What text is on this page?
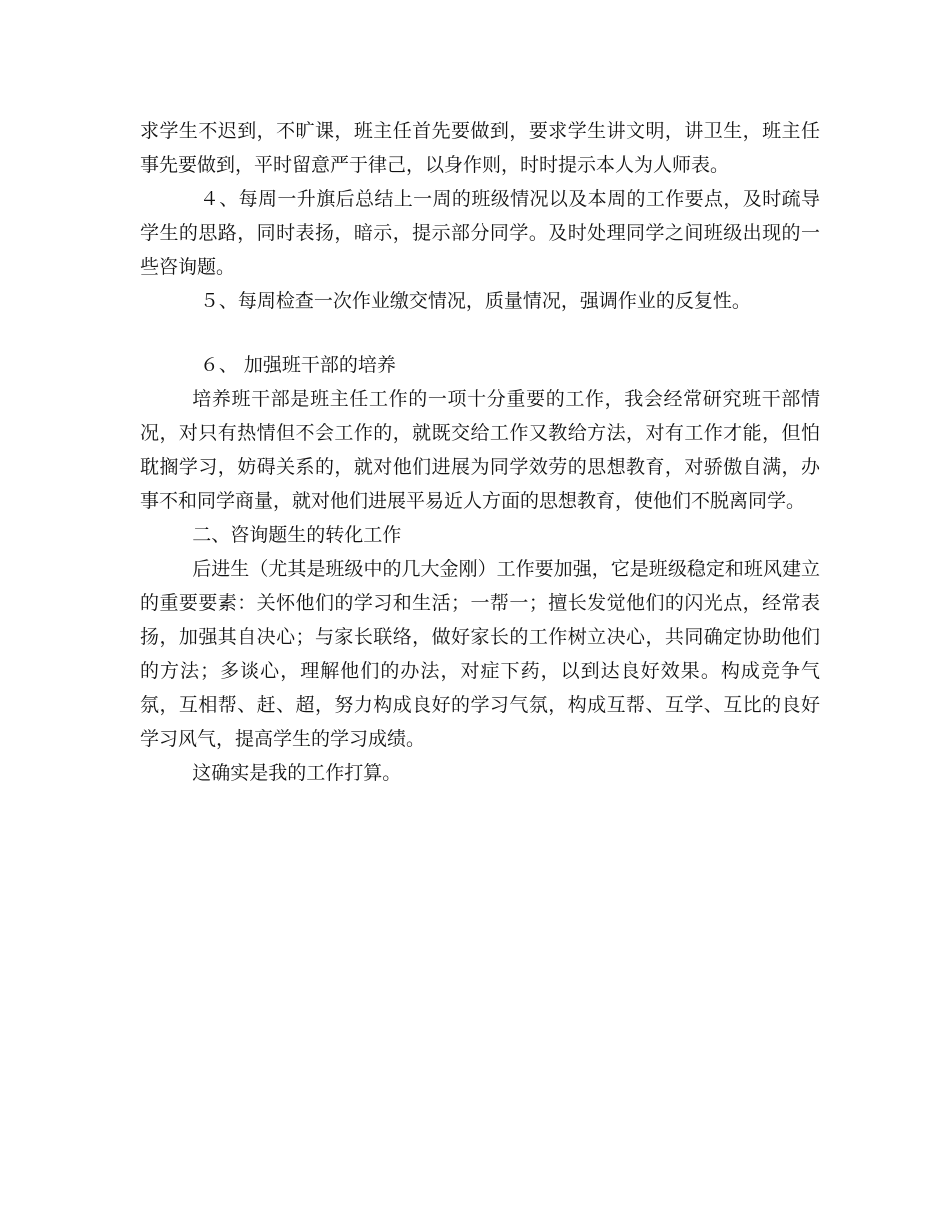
求学生不迟到，不旷课，班主任首先要做到，要求学生讲文明，讲卫生，班主任事先要做到，平时留意严于律己，以身作则，时时提示本人为人师表。

４、每周一升旗后总结上一周的班级情况以及本周的工作要点，及时疏导学生的思路，同时表扬，暗示，提示部分同学。及时处理同学之间班级出现的一些咨询题。

５、每周检查一次作业缴交情况，质量情况，强调作业的反复性。

６、 加强班干部的培养

培养班干部是班主任工作的一项十分重要的工作，我会经常研究班干部情况，对只有热情但不会工作的，就既交给工作又教给方法，对有工作才能，但怕耽搁学习，妨碍关系的，就对他们进展为同学效劳的思想教育，对骄傲自满，办事不和同学商量，就对他们进展平易近人方面的思想教育，使他们不脱离同学。

二、咨询题生的转化工作

后进生（尤其是班级中的几大金刚）工作要加强，它是班级稳定和班风建立的重要要素：关怀他们的学习和生活；一帮一；擅长发觉他们的闪光点，经常表扬，加强其自决心；与家长联络，做好家长的工作树立决心，共同确定协助他们的方法；多谈心，理解他们的办法，对症下药，以到达良好效果。构成竞争气氛，互相帮、赶、超，努力构成良好的学习气氛，构成互帮、互学、互比的良好学习风气，提高学生的学习成绩。

这确实是我的工作打算。
